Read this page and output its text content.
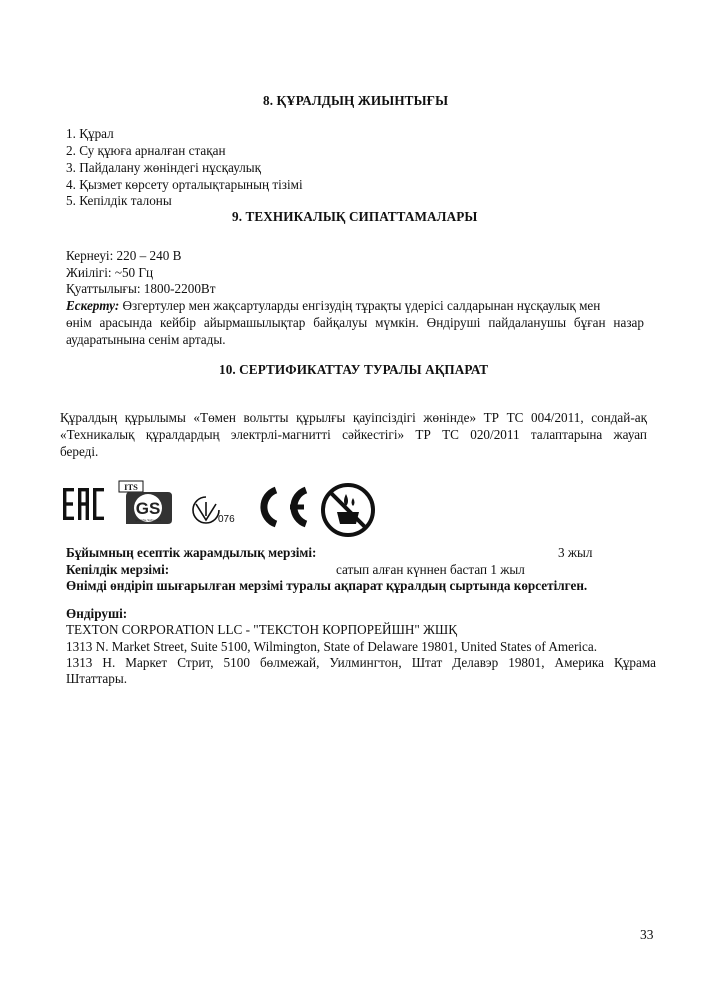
8. ҚҰРАЛДЫҢ ЖИЫНТЫҒЫ
1. Құрал
2. Су құюға арналған стақан
3. Пайдалану жөніндегі нұсқаулық
4. Қызмет көрсету орталықтарының тізімі
5. Кепілдік талоны
9. ТЕХНИКАЛЫҚ СИПАТТАМАЛАРЫ
Кернеуі: 220 – 240 В
Жиілігі: ~50 Гц
Қуаттылығы: 1800-2200Вт
Ескерту: Өзгертулер мен жақсартуларды енгізудің тұрақты үдерісі салдарынан нұсқаулық мен
өнім арасында кейбір айырмашылықтар байқалуы мүмкін. Өндіруші пайдаланушы бұған назар
аударатынына сенім артады.
10. СЕРТИФИКАТТАУ ТУРАЛЫ АҚПАРАТ
Құралдың құрылымы «Төмен вольтты құрылғы қауіпсіздігі жөнінде» ТР ТС 004/2011, сондай-ақ
«Техникалық құралдардың электрлі-магнитті сәйкестігі» ТР ТС 020/2011 талаптарына жауап
береді.
ITS
GS
geprüfte Sicherheit	076
Бұйымның есептік жарамдылық мерзімі:	3 жыл
Кепілдік мерзімі:	сатып алған күннен бастап 1 жыл
Өнімді өндіріп шығарылған мерзімі туралы ақпарат құралдың сыртында көрсетілген.
Өндіруші:
TEXTON CORPORATION LLC - "ТЕКСТОН КОРПОРЕЙШН" ЖШҚ
1313 N. Market Street, Suite 5100, Wilmington, State of Delaware 19801, United States of America.
1313 Н. Маркет Стрит, 5100 бөлмежай, Уилмингтон, Штат Делавэр 19801, Америка Құрама
Штаттары.
33
